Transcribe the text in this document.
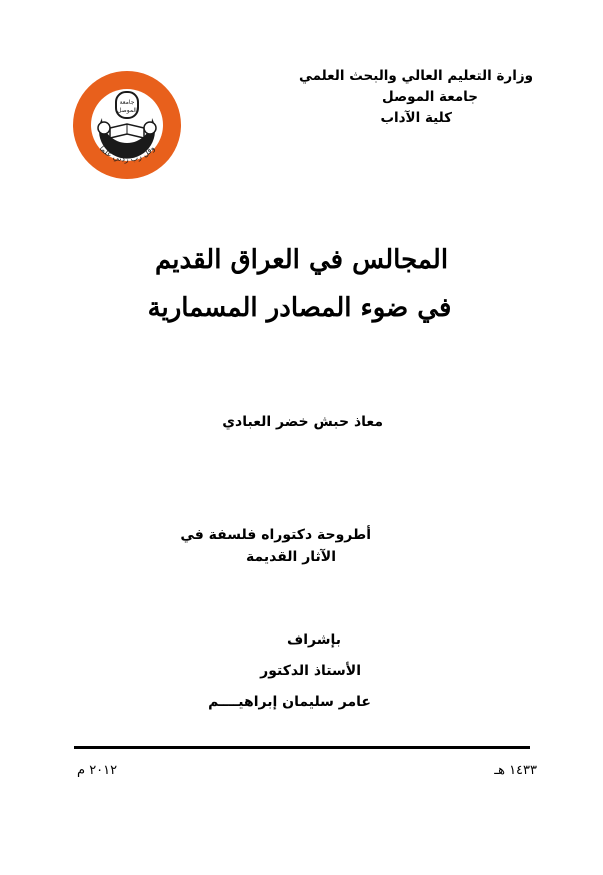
جامعة
الموصل
وقل رب زدني علما
وزارة التعليم العالي والبحث العلمي
جامعة الموصل
كلية الآداب
المجالس في العراق القديم
في ضوء المصادر المسمارية
معاذ حبش خضر العبادي
أطروحة دكتوراه فلسفة في
الآثار القديمة
بإشراف
الأستاذ الدكتور
عامر سليمان إبراهيــــم
١٤٣٣ هـ
٢٠١٢ م
